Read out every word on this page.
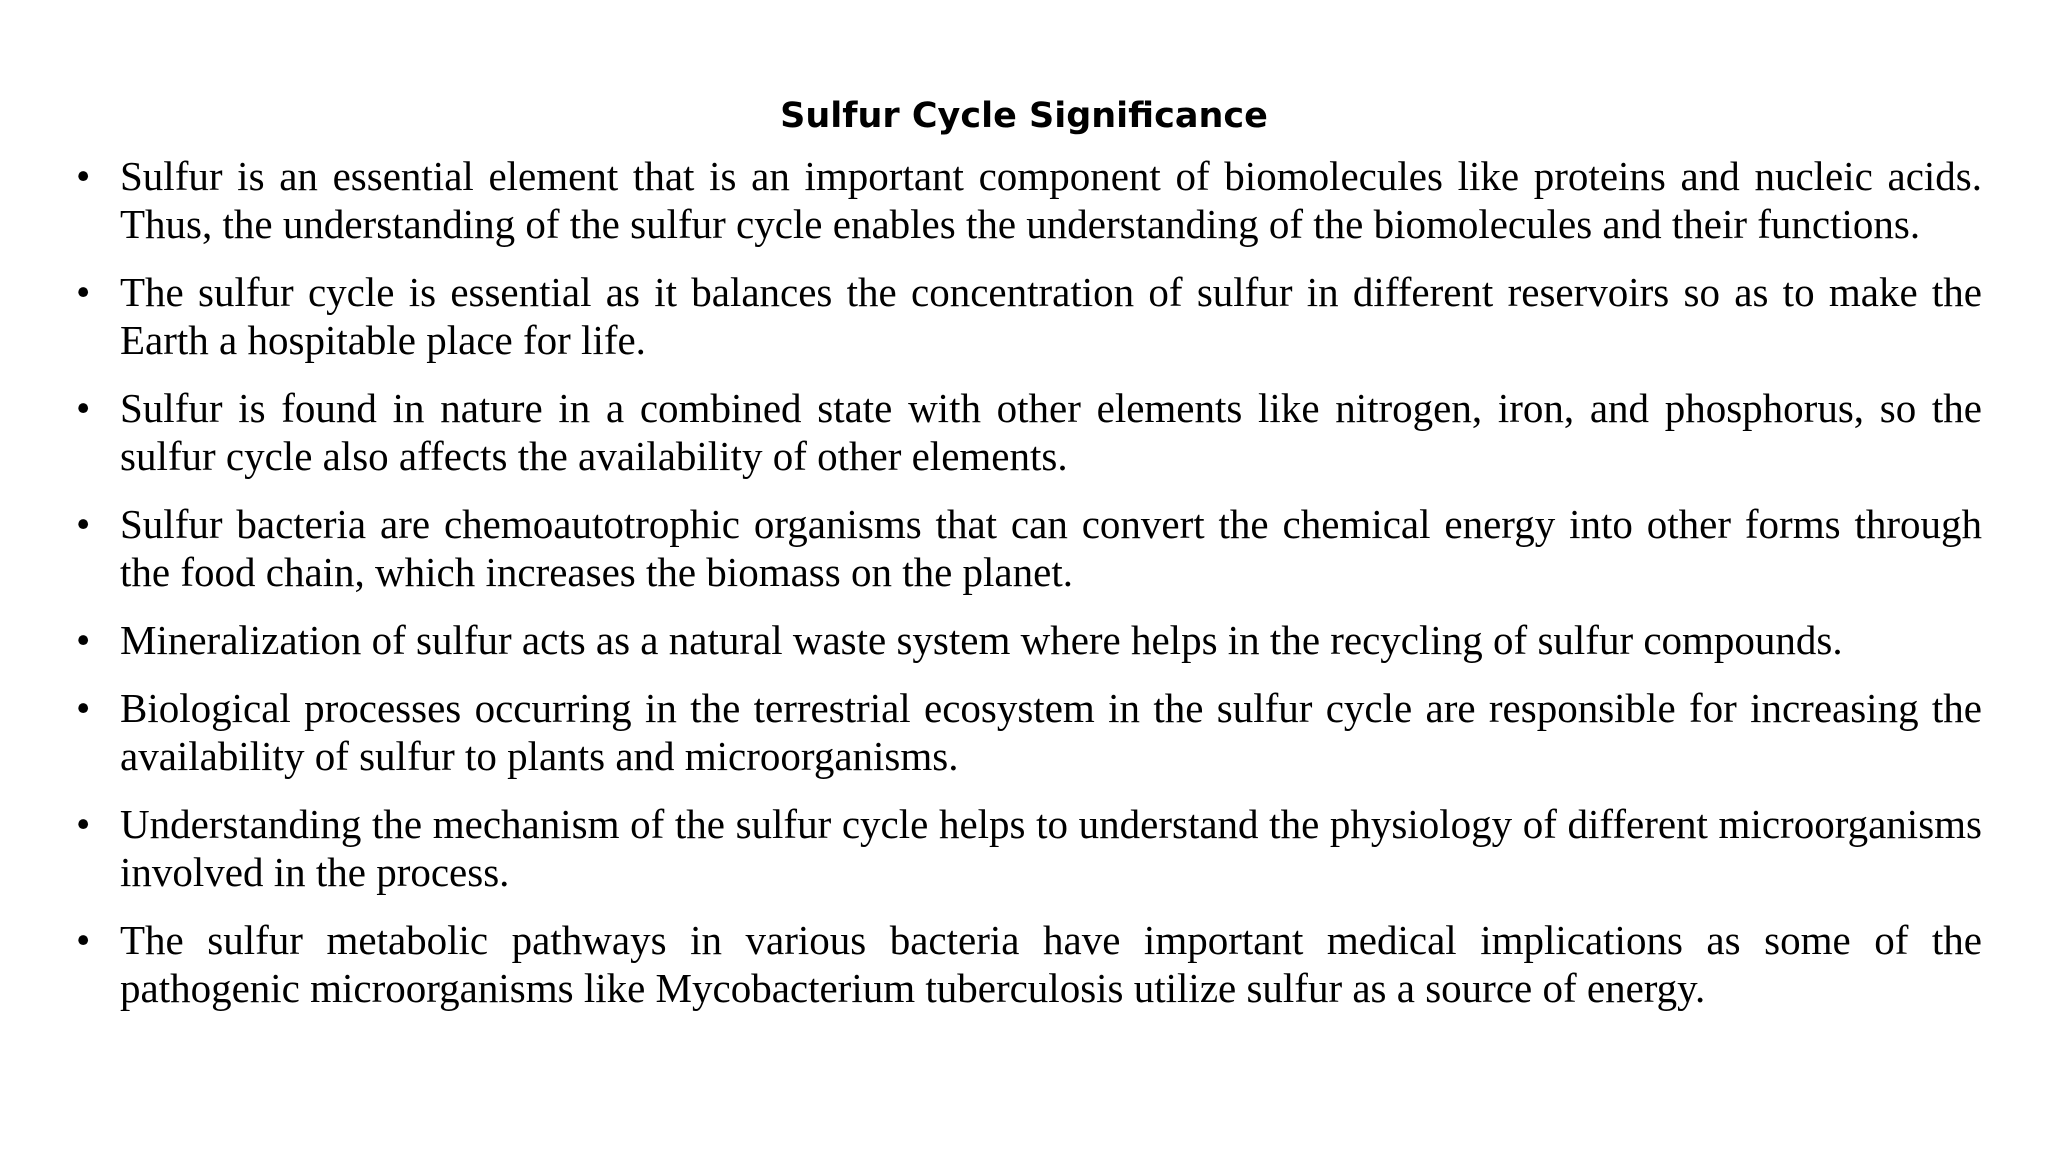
Sulfur Cycle Significance
• Sulfur is an essential element that is an important component of biomolecules like proteins and nucleic acids. Thus, the understanding of the sulfur cycle enables the understanding of the biomolecules and their functions.
• The sulfur cycle is essential as it balances the concentration of sulfur in different reservoirs so as to make the Earth a hospitable place for life.
• Sulfur is found in nature in a combined state with other elements like nitrogen, iron, and phosphorus, so the sulfur cycle also affects the availability of other elements.
• Sulfur bacteria are chemoautotrophic organisms that can convert the chemical energy into other forms through the food chain, which increases the biomass on the planet.
• Mineralization of sulfur acts as a natural waste system where helps in the recycling of sulfur compounds.
• Biological processes occurring in the terrestrial ecosystem in the sulfur cycle are responsible for increasing the availability of sulfur to plants and microorganisms.
• Understanding the mechanism of the sulfur cycle helps to understand the physiology of different microorganisms involved in the process.
• The sulfur metabolic pathways in various bacteria have important medical implications as some of the pathogenic microorganisms like Mycobacterium tuberculosis utilize sulfur as a source of energy.
